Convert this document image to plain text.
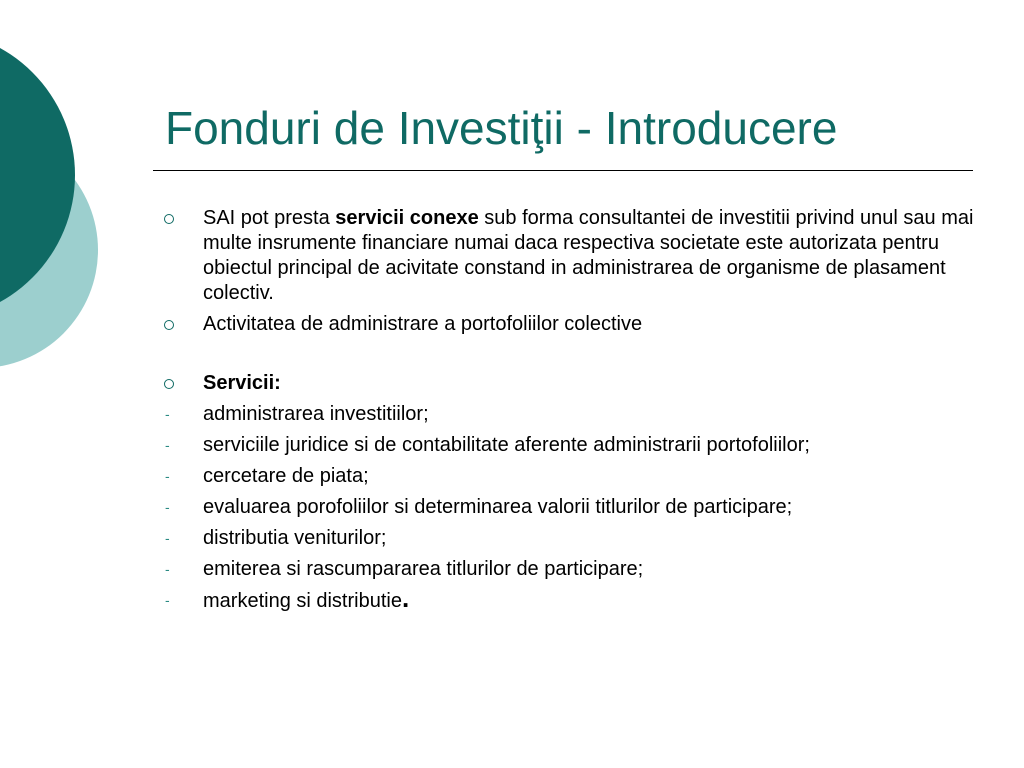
Fonduri de Investiţii - Introducere
SAI pot presta servicii conexe sub forma consultantei de investitii privind unul sau mai multe insrumente financiare numai daca respectiva societate este autorizata pentru obiectul principal de acivitate constand in administrarea de organisme de plasament colectiv.
Activitatea de administrare a portofoliilor colective
Servicii:
- administrarea investitiilor;
- serviciile juridice si de contabilitate aferente administrarii portofoliilor;
- cercetare de piata;
- evaluarea porofoliilor si determinarea valorii titlurilor de participare;
- distributia veniturilor;
- emiterea si rascumpararea titlurilor de participare;
- marketing si distributie.
